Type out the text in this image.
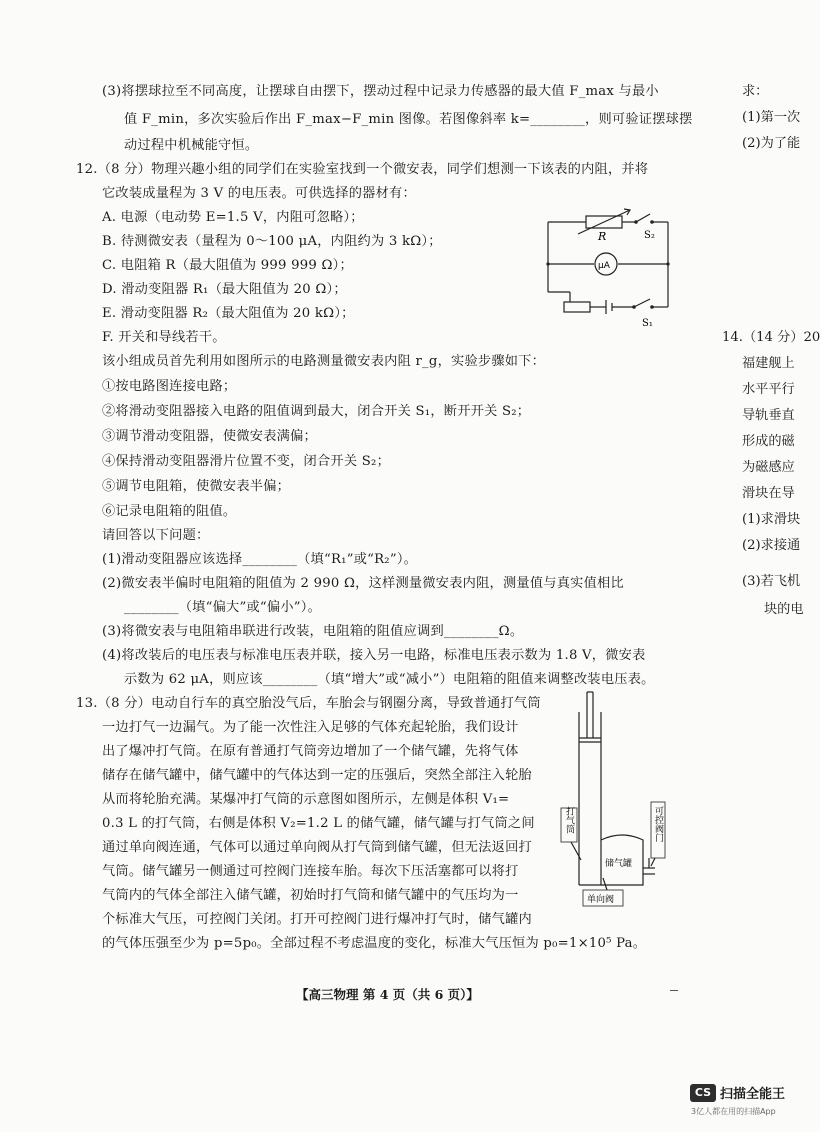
(3)将摆球拉至不同高度，让摆球自由摆下，摆动过程中记录力传感器的最大值 F_max 与最小
值 F_min，多次实验后作出 F_max−F_min 图像。若图像斜率 k=________，则可验证摆球摆
动过程中机械能守恒。
12.（8 分）物理兴趣小组的同学们在实验室找到一个微安表，同学们想测一下该表的内阻，并将
它改装成量程为 3 V 的电压表。可供选择的器材有：
A. 电源（电动势 E=1.5 V，内阻可忽略）；
B. 待测微安表（量程为 0～100 μA，内阻约为 3 kΩ）；
C. 电阻箱 R（最大阻值为 999 999 Ω）；
D. 滑动变阻器 R₁（最大阻值为 20 Ω）；
E. 滑动变阻器 R₂（最大阻值为 20 kΩ）；
F. 开关和导线若干。
该小组成员首先利用如图所示的电路测量微安表内阻 r_g，实验步骤如下：
①按电路图连接电路；
②将滑动变阻器接入电路的阻值调到最大，闭合开关 S₁，断开开关 S₂；
③调节滑动变阻器，使微安表满偏；
④保持滑动变阻器滑片位置不变，闭合开关 S₂；
⑤调节电阻箱，使微安表半偏；
⑥记录电阻箱的阻值。
请回答以下问题：
(1)滑动变阻器应该选择________（填“R₁”或“R₂”）。
(2)微安表半偏时电阻箱的阻值为 2 990 Ω，这样测量微安表内阻，测量值与真实值相比
________（填“偏大”或“偏小”）。
(3)将微安表与电阻箱串联进行改装，电阻箱的阻值应调到________Ω。
(4)将改装后的电压表与标准电压表并联，接入另一电路，标准电压表示数为 1.8 V，微安表
示数为 62 μA，则应该________（填“增大”或“减小”）电阻箱的阻值来调整改装电压表。
13.（8 分）电动自行车的真空胎没气后，车胎会与钢圈分离，导致普通打气筒
一边打气一边漏气。为了能一次性注入足够的气体充起轮胎，我们设计
出了爆冲打气筒。在原有普通打气筒旁边增加了一个储气罐，先将气体
储存在储气罐中，储气罐中的气体达到一定的压强后，突然全部注入轮胎
从而将轮胎充满。某爆冲打气筒的示意图如图所示，左侧是体积 V₁=
0.3 L 的打气筒，右侧是体积 V₂=1.2 L 的储气罐，储气罐与打气筒之间
通过单向阀连通，气体可以通过单向阀从打气筒到储气罐，但无法返回打
气筒。储气罐另一侧通过可控阀门连接车胎。每次下压活塞都可以将打
气筒内的气体全部注入储气罐，初始时打气筒和储气罐中的气压均为一
个标准大气压，可控阀门关闭。打开可控阀门进行爆冲打气时，储气罐内
的气体压强至少为 p=5p₀。全部过程不考虑温度的变化，标准大气压恒为 p₀=1×10⁵ Pa。
求：
(1)第一次
(2)为了能
14.（14 分）20
福建舰上
水平平行
导轨垂直
形成的磁
为磁感应
滑块在导
(1)求滑块
(2)求接通
(3)若飞机
块的电
R	S₂
μA
S₁
打气筒	可控阀门
储气罐
单向阀
【高三物理 第 4 页（共 6 页）】
CS 扫描全能王
3亿人都在用的扫描App
